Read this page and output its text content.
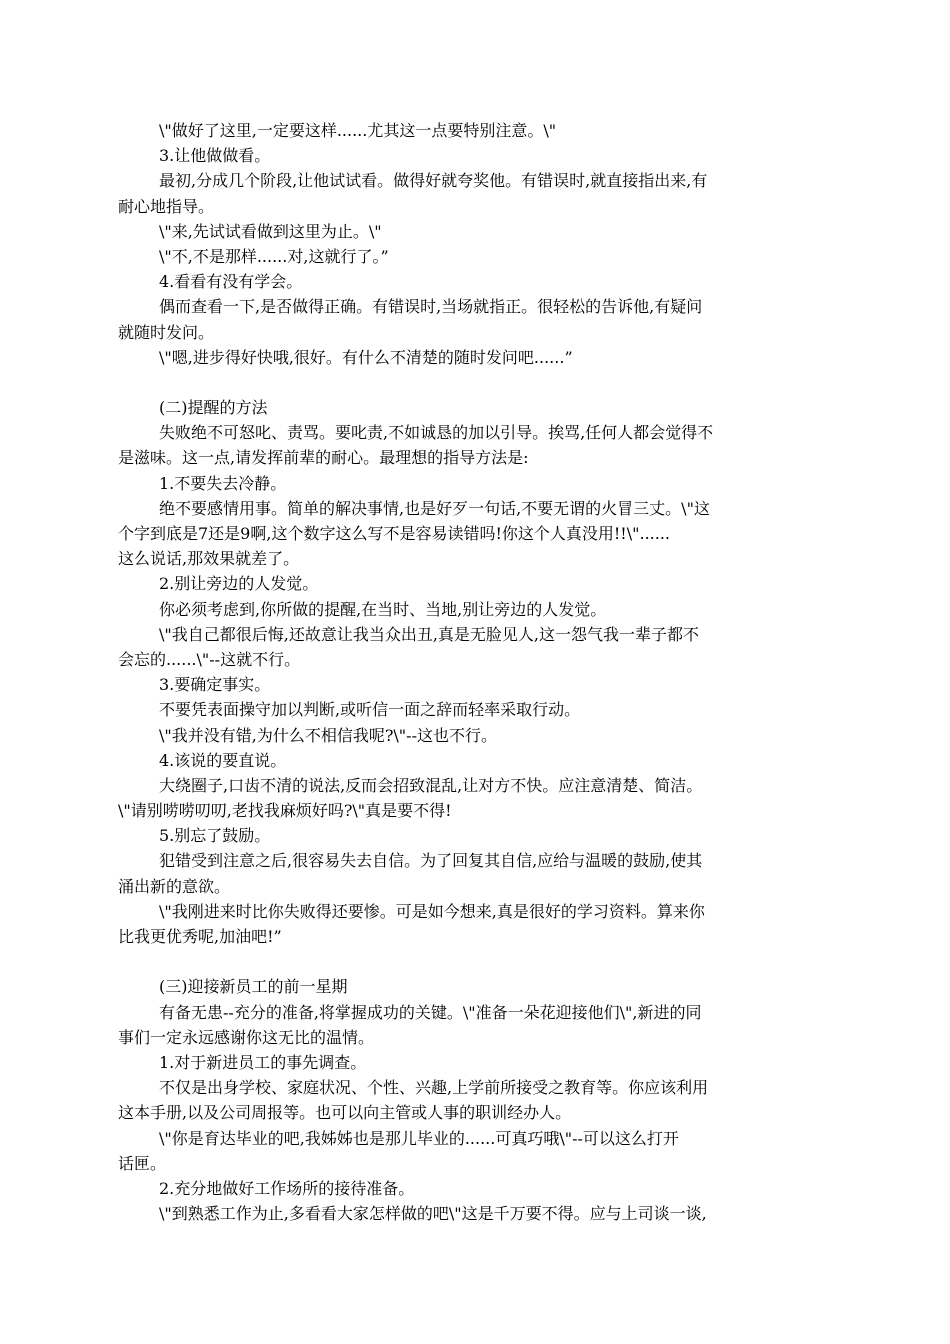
\"做好了这里,一定要这样......尤其这一点要特别注意。\"
3.让他做做看。
最初,分成几个阶段,让他试试看。做得好就夸奖他。有错误时,就直接指出来,有
耐心地指导。
\"来,先试试看做到这里为止。\"
\"不,不是那样......对,这就行了。”
4.看看有没有学会。
偶而查看一下,是否做得正确。有错误时,当场就指正。很轻松的告诉他,有疑问
就随时发问。
\"嗯,进步得好快哦,很好。有什么不清楚的随时发问吧......”
(二)提醒的方法
失败绝不可怒叱、责骂。要叱责,不如诚恳的加以引导。挨骂,任何人都会觉得不
是滋味。这一点,请发挥前辈的耐心。最理想的指导方法是:
1.不要失去冷静。
绝不要感情用事。简单的解决事情,也是好歹一句话,不要无谓的火冒三丈。\"这
个字到底是7还是9啊,这个数字这么写不是容易读错吗!你这个人真没用!!\"......
这么说话,那效果就差了。
2.别让旁边的人发觉。
你必须考虑到,你所做的提醒,在当时、当地,别让旁边的人发觉。
\"我自己都很后悔,还故意让我当众出丑,真是无脸见人,这一怨气我一辈子都不
会忘的......\"--这就不行。
3.要确定事实。
不要凭表面操守加以判断,或听信一面之辞而轻率采取行动。
\"我并没有错,为什么不相信我呢?\"--这也不行。
4.该说的要直说。
大绕圈子,口齿不清的说法,反而会招致混乱,让对方不快。应注意清楚、简洁。
\"请别唠唠叨叨,老找我麻烦好吗?\"真是要不得!
5.别忘了鼓励。
犯错受到注意之后,很容易失去自信。为了回复其自信,应给与温暖的鼓励,使其
涌出新的意欲。
\"我刚进来时比你失败得还要惨。可是如今想来,真是很好的学习资料。算来你
比我更优秀呢,加油吧!”
(三)迎接新员工的前一星期
有备无患--充分的准备,将掌握成功的关键。\"准备一朵花迎接他们\",新进的同
事们一定永远感谢你这无比的温情。
1.对于新进员工的事先调查。
不仅是出身学校、家庭状况、个性、兴趣,上学前所接受之教育等。你应该利用
这本手册,以及公司周报等。也可以向主管或人事的职训经办人。
\"你是育达毕业的吧,我姊姊也是那儿毕业的......可真巧哦\"--可以这么打开
话匣。
2.充分地做好工作场所的接待准备。
\"到熟悉工作为止,多看看大家怎样做的吧\"这是千万要不得。应与上司谈一谈,
